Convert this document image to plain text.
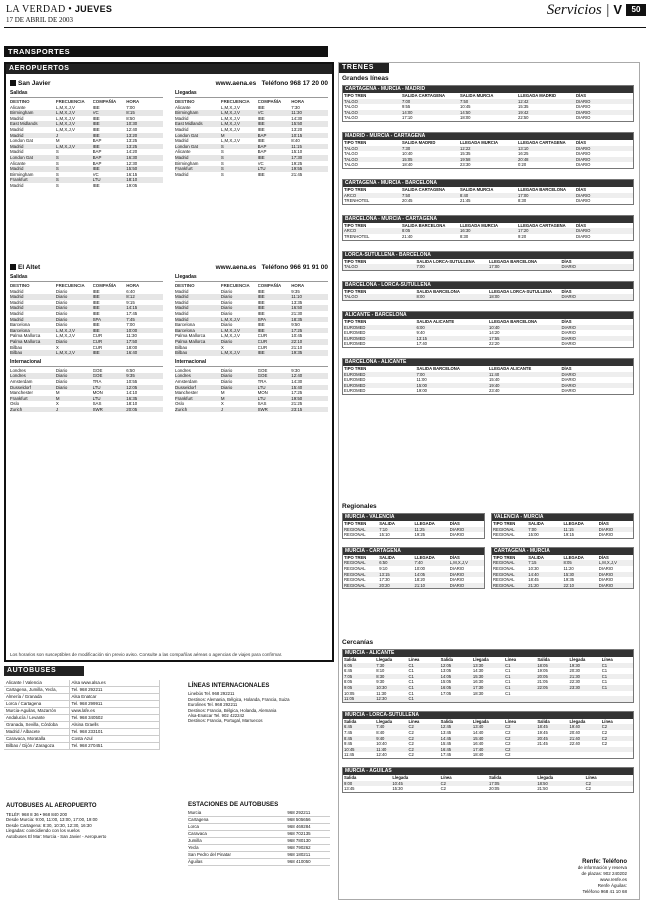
LA VERDAD • JUEVES
17 DE ABRIL DE 2003
Servicios | V	50
TRANSPORTES
AEROPUERTOS
San Javier	www.aena.es Teléfono 968 17 20 00
Salidas
DESTINO	FRECUENCIA	COMPAÑÍA	HORA
Alicante	L,M,X,J,V	IBE	7:00
Birmingham	L,M,X,J,V	VC	8:15
Madrid	L,M,X,J,V	IBE	8:50
East Midlands	L,M,X,J,V	IBE	10:30
Madrid	L,M,X,J,V	IBE	12:40
Madrid	J	IBE	13:20
London Gat	M	BAP	13:25
Madrid	L,M,X,J,V	IBE	13:25
Madrid	S	BAP	14:20
London Gat	S	BAP	16:30
Alicante	S	BAP	12:30
Madrid	S	IBE	15:50
Birmingham	S	VC	16:15
Frankfurt	S	LTU	18:10
Madrid	S	IBE	19:05
Llegadas
DESTINO	FRECUENCIA	COMPAÑÍA	HORA
Alicante	L,M,X,J,V	IBE	7:30
Birmingham	L,M,X,J,V	VC	11:30
Madrid	L,M,X,J,V	IBE	14:30
East Midlands	L,M,X,J,V	IBE	15:50
Madrid	L,M,X,J,V	IBE	13:20
London Gat	M	BAP	10:15
Madrid	L,M,X,J,V	IBE	8:40
London Gat	S	BAP	11:15
Alicante	S	BAP	15:10
Madrid	S	IBE	17:30
Birmingham	S	VC	19:25
Frankfurt	S	LTU	19:55
Madrid	S	IBE	21:45
El Altet	www.aena.es Teléfono 966 91 91 00
Salidas
DESTINO	FRECUENCIA	COMPAÑÍA	HORA
Madrid	Diario	IBE	6:40
Madrid	Diario	IBE	8:12
Madrid	Diario	IBE	9:15
Madrid	Diario	IBE	14:15
Madrid	Diario	IBE	17:45
Madrid	Diario	SPA	7:45
Barcelona	Diario	IBE	7:00
Barcelona	L,M,X,J,V	IBE	10:00
Palma Mallorca	L,M,X,J,V	CUR	11:30
Palma Mallorca	Diario	CUR	17:50
Bilbao	X	CUR	18:00
Bilbao	L,M,X,J,V	IBE	16:40
Internacional
Londres	Diario	GOE	6:50
Londres	Diario	GOE	9:35
Amsterdam	Diario	TRA	10:55
Dusseldorf	Diario	LTU	12:05
Manchester	M	MON	14:10
Frankfurt	M	LTU	16:35
Oslo	X	SAS	18:10
Zurich	J	SWR	20:05
Llegadas
DESTINO	FRECUENCIA	COMPAÑÍA	HORA
Madrid	Diario	IBE	9:35
Madrid	Diario	IBE	11:10
Madrid	Diario	IBE	13:35
Madrid	Diario	IBE	16:50
Madrid	Diario	IBE	21:30
Madrid	L,M,X,J,V	SPA	18:35
Barcelona	Diario	IBE	9:50
Barcelona	L,M,X,J,V	IBE	17:25
Palma Mallorca	L,M,X,J,V	CUR	10:45
Palma Mallorca	Diario	CUR	22:10
Bilbao	X	CUR	21:10
Bilbao	L,M,X,J,V	IBE	19:35
Internacional
Londres	Diario	GOE	9:30
Londres	Diario	GOE	12:40
Amsterdam	Diario	TRA	14:30
Dusseldorf	Diario	LTU	15:40
Manchester	M	MON	17:25
Frankfurt	M	LTU	19:50
Oslo	X	SAS	21:25
Zurich	J	SWR	23:15
Los horarios son susceptibles de modificación sin previo aviso. Consulte a las compañías aéreas o agencias de viajes para confirmar.
AUTOBUSES
Alicante / Valencia	Alsa www.alsa.es
Cartagena, Jumilla, Yecla,	Tel. 968 292211
Almería / Granada	Alsa Enatcar
Lorca / Cartagena	Tel. 968 299911
Murcia-Aguilas, Mazarrón	www.lafe.es
Andalucía / Levante	Tel. 968 340502
Granada, Sevilla, Córdoba	Alsina Graells
Madrid / Albacete	Tel. 968 233101
Caravaca, Moratalla	Costa Azul
Bilbao / Gijón / Zaragoza	Tel. 968 270451
LÍNEAS INTERNACIONALES
Linebús Tel. 968 292211
Destinos: Alemania, Bélgica, Holanda, Francia, Suiza
Eurolines Tel. 968 292211
Destinos: Francia, Bélgica, Holanda, Alemania
Alsa-Enatcar Tel. 902 422242
Destinos: Francia, Portugal, Marruecos
AUTOBUSES AL AEROPUERTO
TELÉF. 968 8 36 • 968 840 200
Desde Murcia: 9:00, 11:00, 13:00, 17:00, 19:00
Desde Cartagena: 8:30, 10:30, 12:30, 16:30
Llegadas: coincidiendo con los vuelos
Autobuses El Mar: Murcia - San Javier - Aeropuerto
ESTACIONES DE AUTOBUSES
Murcia	968 292211
Cartagena	968 505656
Lorca	968 469284
Caravaca	968 702135
Jumilla	968 780130
Yecla	968 790262
San Pedro del Pinatar	968 180211
Águilas	968 410050
TRENES
Grandes líneas
CARTAGENA - MURCIA - MADRID
TIPO TREN	SALIDA CARTAGENA	SALIDA MURCIA	LLEGADA MADRID	DÍAS
TALGO	7:00	7:50	12:42	DIARIO
TALGO	9:55	10:45	15:35	DIARIO
TALGO	14:00	14:50	19:42	DIARIO
TALGO	17:10	18:00	22:50	DIARIO
MADRID - MURCIA - CARTAGENA
TIPO TREN	SALIDA MADRID	LLEGADA MURCIA	LLEGADA CARTAGENA	DÍAS
TALGO	7:30	12:22	13:10	DIARIO
TALGO	10:40	15:35	16:25	DIARIO
TALGO	15:05	19:58	20:48	DIARIO
TALGO	18:40	23:30	0:20	DIARIO
CARTAGENA - MURCIA - BARCELONA
TIPO TREN	SALIDA CARTAGENA	SALIDA MURCIA	LLEGADA BARCELONA	DÍAS
ARCO	7:50	8:40	17:00	DIARIO
TRENHOTEL	20:45	21:45	8:30	DIARIO
BARCELONA - MURCIA - CARTAGENA
TIPO TREN	SALIDA BARCELONA	LLEGADA MURCIA	LLEGADA CARTAGENA	DÍAS
ARCO	8:05	16:30	17:20	DIARIO
TRENHOTEL	21:40	8:30	9:20	DIARIO
LORCA-SUTULLENA - BARCELONA
TIPO TREN	SALIDA LORCA-SUTULLENA	LLEGADA BARCELONA	DÍAS
TALGO	7:00	17:00	DIARIO
BARCELONA - LORCA-SUTULLENA
TIPO TREN	SALIDA BARCELONA	LLEGADA LORCA-SUTULLENA	DÍAS
TALGO	8:00	18:00	DIARIO
ALICANTE - BARCELONA
TIPO TREN	SALIDA ALICANTE	LLEGADA BARCELONA	DÍAS
EUROMED	6:00	10:40	DIARIO
EUROMED	9:40	14:20	DIARIO
EUROMED	13:15	17:55	DIARIO
EUROMED	17:40	22:20	DIARIO
BARCELONA - ALICANTE
TIPO TREN	SALIDA BARCELONA	LLEGADA ALICANTE	DÍAS
EUROMED	7:00	11:40	DIARIO
EUROMED	11:00	15:40	DIARIO
EUROMED	15:00	19:40	DIARIO
EUROMED	19:00	23:40	DIARIO
Regionales
MURCIA - VALENCIA
TIPO TREN	SALIDA	LLEGADA	DÍAS
REGIONAL	7:10	11:25	DIARIO
REGIONAL	15:10	19:25	DIARIO
VALENCIA - MURCIA
TIPO TREN	SALIDA	LLEGADA	DÍAS
REGIONAL	7:00	11:15	DIARIO
REGIONAL	15:00	19:15	DIARIO
MURCIA - CARTAGENA
TIPO TREN	SALIDA	LLEGADA	DÍAS
REGIONAL	6:50	7:40	L,M,X,J,V
REGIONAL	9:10	10:00	DIARIO
REGIONAL	13:15	14:05	DIARIO
REGIONAL	17:30	18:20	DIARIO
REGIONAL	20:20	21:10	DIARIO
CARTAGENA - MURCIA
TIPO TREN	SALIDA	LLEGADA	DÍAS
REGIONAL	7:15	8:05	L,M,X,J,V
REGIONAL	10:30	11:20	DIARIO
REGIONAL	14:40	15:30	DIARIO
REGIONAL	18:45	19:35	DIARIO
REGIONAL	21:20	22:10	DIARIO
Cercanías
MURCIA - ALICANTE
Salida	Llegada	Línea	Salida	Llegada	Línea	Salida	Llegada	Línea
6:05	7:30	C1	12:05	13:30	C1	18:05	19:30	C1
6:45	8:10	C1	13:05	14:30	C1	19:05	20:30	C1
7:05	8:30	C1	14:05	15:30	C1	20:05	21:30	C1
8:05	9:30	C1	15:05	16:30	C1	21:05	22:30	C1
9:05	10:30	C1	16:05	17:30	C1	22:05	23:30	C1
10:05	11:30	C1	17:05	18:30	C1
11:05	12:30	C1
MURCIA - LORCA-SUTULLENA
Salida	Llegada	Línea	Salida	Llegada	Línea	Salida	Llegada	Línea
6:45	7:40	C2	12:45	13:40	C2	18:45	19:40	C2
7:45	8:40	C2	13:45	14:40	C2	19:45	20:40	C2
8:45	9:40	C2	14:45	15:40	C2	20:45	21:40	C2
9:45	10:40	C2	15:45	16:40	C2	21:45	22:40	C2
10:45	11:40	C2	16:45	17:40	C2
11:45	12:40	C2	17:45	18:40	C2
MURCIA - ÁGUILAS
Salida	Llegada	Línea	Salida	Llegada	Línea
9:00	10:45	C2	17:05	18:50	C2
13:45	15:30	C2	20:05	21:50	C2
Renfe: Teléfono
de información y reserva
de plazas: 902 240202
www.renfe.es
Renfe Águilas:
Teléfono 968 41 10 68
